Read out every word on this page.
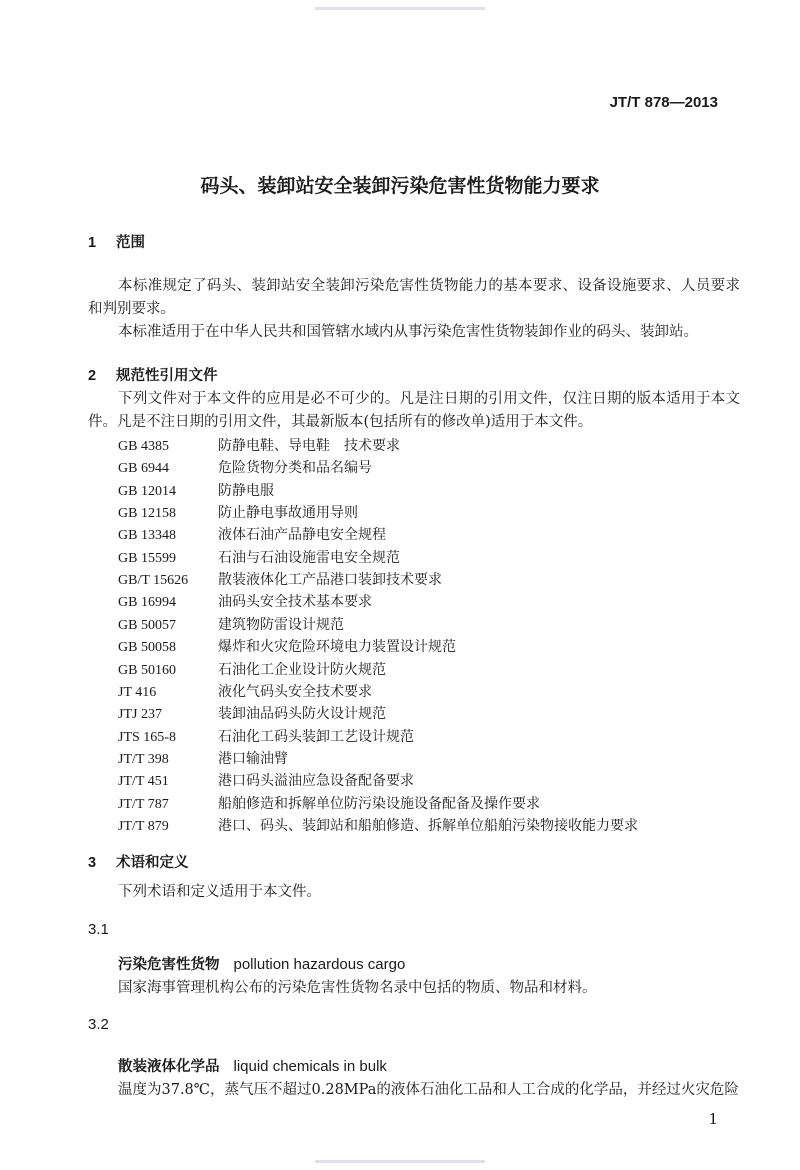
JT/T 878—2013
码头、装卸站安全装卸污染危害性货物能力要求
1 范围
本标准规定了码头、装卸站安全装卸污染危害性货物能力的基本要求、设备设施要求、人员要求和判别要求。
本标准适用于在中华人民共和国管辖水域内从事污染危害性货物装卸作业的码头、装卸站。
2 规范性引用文件
下列文件对于本文件的应用是必不可少的。凡是注日期的引用文件，仅注日期的版本适用于本文件。凡是不注日期的引用文件，其最新版本(包括所有的修改单)适用于本文件。
GB 4385	防静电鞋、导电鞋　技术要求
GB 6944	危险货物分类和品名编号
GB 12014	防静电服
GB 12158	防止静电事故通用导则
GB 13348	液体石油产品静电安全规程
GB 15599	石油与石油设施雷电安全规范
GB/T 15626 散装液体化工产品港口装卸技术要求
GB 16994	油码头安全技术基本要求
GB 50057	建筑物防雷设计规范
GB 50058	爆炸和火灾危险环境电力装置设计规范
GB 50160	石油化工企业设计防火规范
JT 416	液化气码头安全技术要求
JTJ 237	装卸油品码头防火设计规范
JTS 165-8	石油化工码头装卸工艺设计规范
JT/T 398	港口输油臂
JT/T 451	港口码头溢油应急设备配备要求
JT/T 787	船舶修造和拆解单位防污染设施设备配备及操作要求
JT/T 879	港口、码头、装卸站和船舶修造、拆解单位船舶污染物接收能力要求
3 术语和定义
下列术语和定义适用于本文件。
3.1
污染危害性货物 pollution hazardous cargo
国家海事管理机构公布的污染危害性货物名录中包括的物质、物品和材料。
3.2
散装液体化学品 liquid chemicals in bulk
温度为37.8℃，蒸气压不超过0.28MPa的液体石油化工品和人工合成的化学品，并经过火灾危险
1
